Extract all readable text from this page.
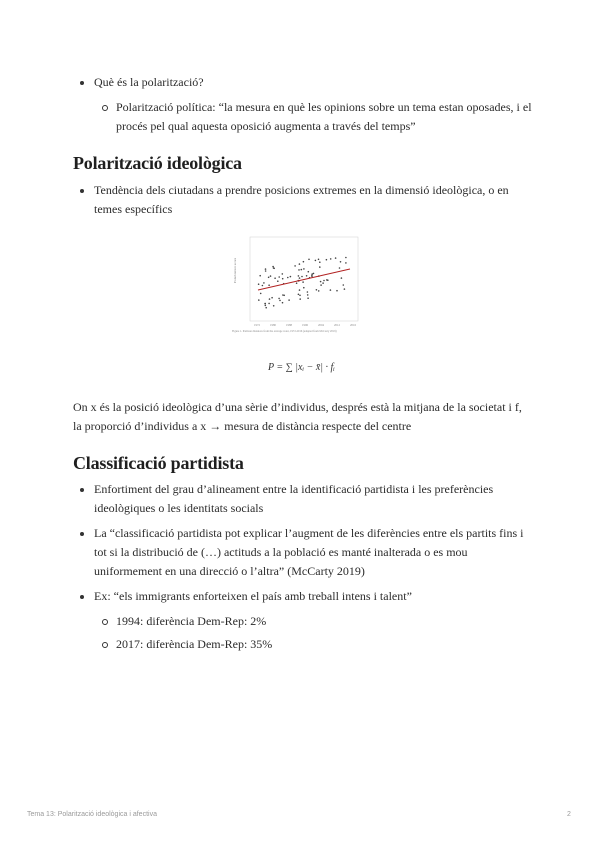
Què és la polarització?
Polarització política: “la mesura en què les opinions sobre un tema estan oposades, i el procés pel qual aquesta oposició augmenta a través del temps”
Polarització ideològica
Tendència dels ciutadans a prendre posicions extremes en la dimensió ideològica, o en temes específics
Polarization score
1972	1980	1988	1996	2004	2012	2016
Figure 1. Partisan distances from the average voter, 1972-2016 (adapted from McCarty 2019)
P = ∑ |xᵢ − x̄| · fᵢ
On x és la posició ideològica d’una sèrie d’individus, després està la mitjana de la societat i f,
la proporció d’individus a x → mesura de distància respecte del centre
Classificació partidista
Enfortiment del grau d’alineament entre la identificació partidista i les preferències ideològiques o les identitats socials
La “classificació partidista pot explicar l’augment de les diferències entre els partits fins i tot si la distribució de (…) actituds a la població es manté inalterada o es mou uniformement en una direcció o l’altra” (McCarty 2019)
Ex: “els immigrants enforteixen el país amb treball intens i talent”
1994: diferència Dem-Rep: 2%
2017: diferència Dem-Rep: 35%
Tema 13: Polarització ideològica i afectiva	2
